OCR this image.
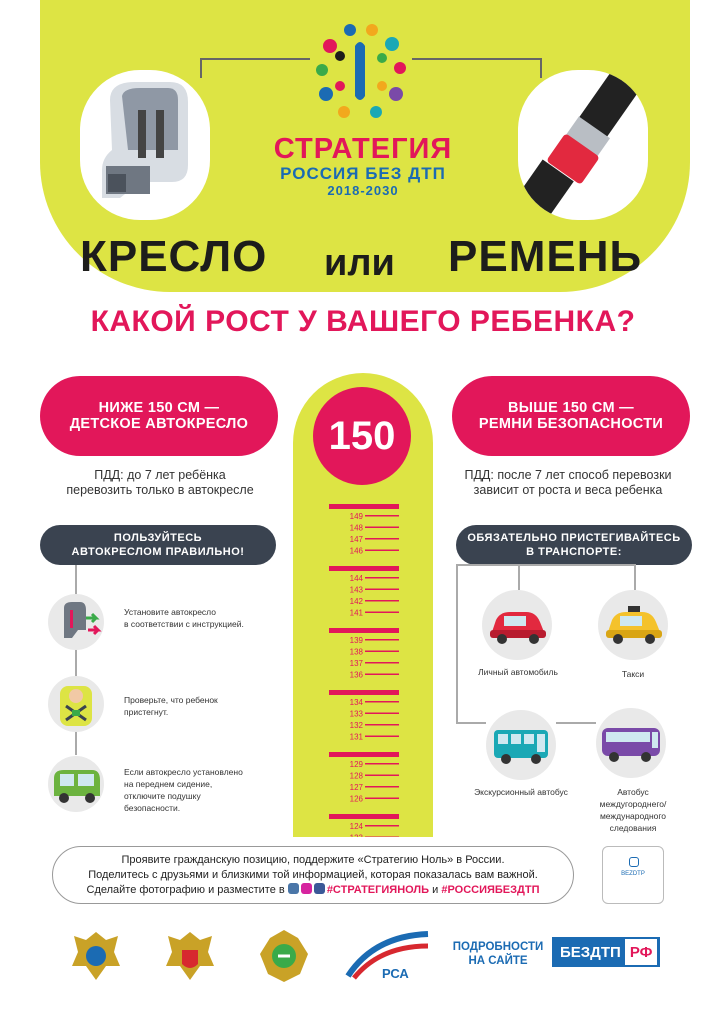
СТРАТЕГИЯ
РОССИЯ БЕЗ ДТП
2018-2030
КРЕСЛО или РЕМЕНЬ
КАКОЙ РОСТ У ВАШЕГО РЕБЕНКА?
НИЖЕ 150 СМ —
ДЕТСКОЕ АВТОКРЕСЛО
ВЫШЕ 150 СМ —
РЕМНИ БЕЗОПАСНОСТИ
ПДД: до 7 лет ребёнка
перевозить только в автокресле
ПДД: после 7 лет способ перевозки
зависит от роста и веса ребенка
149
148
147
146
144
143
142
141
139
138
137
136
134
133
132
131
129
128
127
126
124
150
ПОЛЬЗУЙТЕСЬ
АВТОКРЕСЛОМ ПРАВИЛЬНО!
Установите автокресло
в соответствии с инструкцией.
Проверьте, что ребенок
пристегнут.
Если автокресло установлено
на переднем сидение,
отключите подушку
безопасности.
ОБЯЗАТЕЛЬНО ПРИСТЕГИВАЙТЕСЬ
В ТРАНСПОРТЕ:
Личный автомобиль	Такси
Экскурсионный автобус	Автобус
междугороднего/
международного следования
Проявите гражданскую позицию, поддержите «Стратегию Ноль» в России.
Поделитесь с друзьями и близкими той информацией, которая показалась вам важной.
Сделайте фотографию и разместите в	#СТРАТЕГИЯНОЛЬ и #РОССИЯБЕЗДТП
BEZDTP
РСА
ПОДРОБНОСТИ
НА САЙТЕ
БЕЗДТП РФ
